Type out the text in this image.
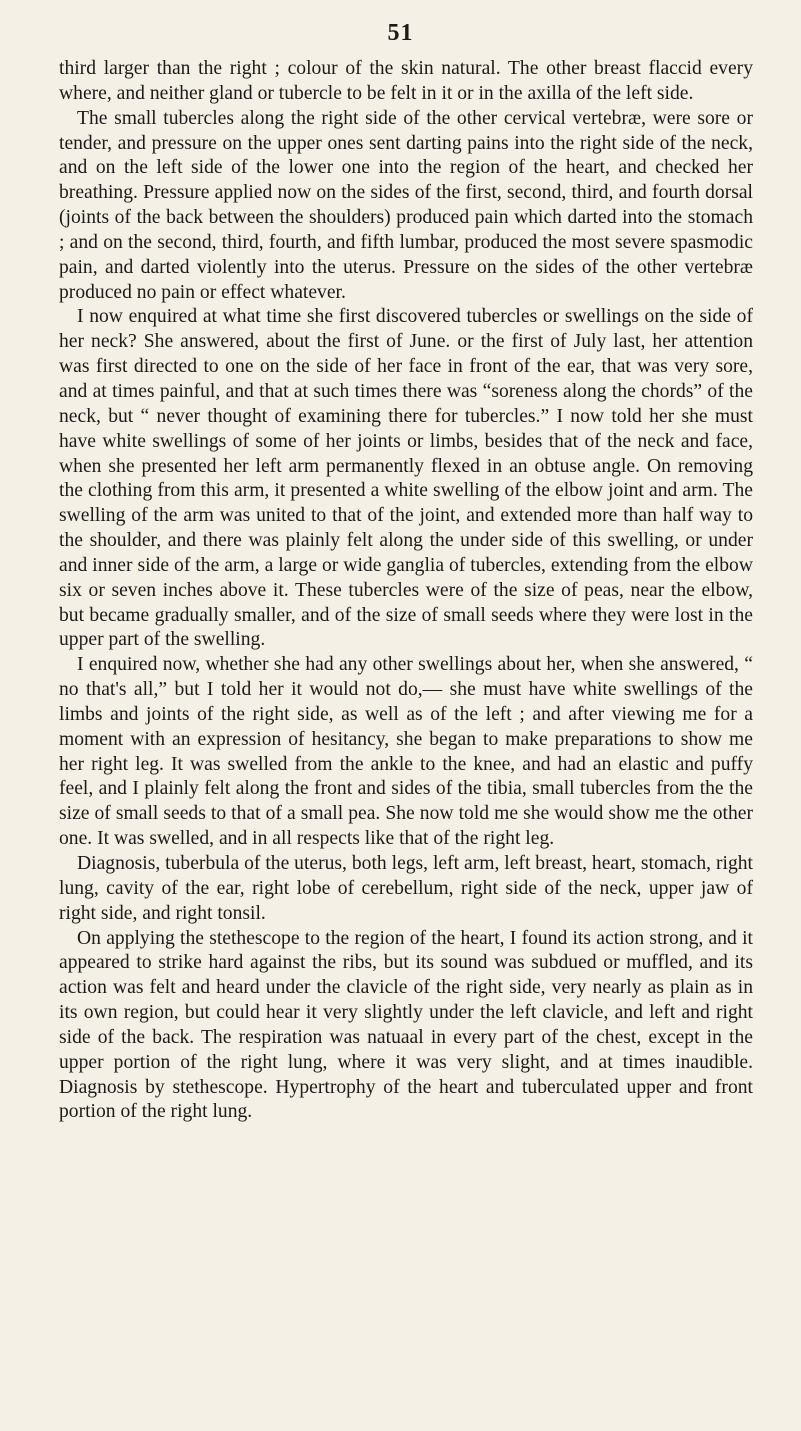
51

third larger than the right ; colour of the skin natural. The other breast flaccid every where, and neither gland or tubercle to be felt in it or in the axilla of the left side.

The small tubercles along the right side of the other cervical vertebræ, were sore or tender, and pressure on the upper ones sent darting pains into the right side of the neck, and on the left side of the lower one into the region of the heart, and checked her breathing. Pressure applied now on the sides of the first, second, third, and fourth dorsal (joints of the back between the shoulders) produced pain which darted into the stomach ; and on the second, third, fourth, and fifth lumbar, produced the most severe spasmodic pain, and darted violently into the uterus. Pressure on the sides of the other vertebræ produced no pain or effect whatever.

I now enquired at what time she first discovered tubercles or swellings on the side of her neck? She answered, about the first of June. or the first of July last, her attention was first directed to one on the side of her face in front of the ear, that was very sore, and at times painful, and that at such times there was “soreness along the chords” of the neck, but “ never thought of examining there for tubercles.” I now told her she must have white swellings of some of her joints or limbs, besides that of the neck and face, when she presented her left arm permanently flexed in an obtuse angle. On removing the clothing from this arm, it presented a white swelling of the elbow joint and arm. The swelling of the arm was united to that of the joint, and extended more than half way to the shoulder, and there was plainly felt along the under side of this swelling, or under and inner side of the arm, a large or wide ganglia of tubercles, extending from the elbow six or seven inches above it. These tubercles were of the size of peas, near the elbow, but became gradually smaller, and of the size of small seeds where they were lost in the upper part of the swelling.

I enquired now, whether she had any other swellings about her, when she answered, “ no that's all,” but I told her it would not do,— she must have white swellings of the limbs and joints of the right side, as well as of the left ; and after viewing me for a moment with an expression of hesitancy, she began to make preparations to show me her right leg. It was swelled from the ankle to the knee, and had an elastic and puffy feel, and I plainly felt along the front and sides of the tibia, small tubercles from the the size of small seeds to that of a small pea. She now told me she would show me the other one. It was swelled, and in all respects like that of the right leg.

Diagnosis, tuberbula of the uterus, both legs, left arm, left breast, heart, stomach, right lung, cavity of the ear, right lobe of cerebellum, right side of the neck, upper jaw of right side, and right tonsil.

On applying the stethescope to the region of the heart, I found its action strong, and it appeared to strike hard against the ribs, but its sound was subdued or muffled, and its action was felt and heard under the clavicle of the right side, very nearly as plain as in its own region, but could hear it very slightly under the left clavicle, and left and right side of the back. The respiration was natuaal in every part of the chest, except in the upper portion of the right lung, where it was very slight, and at times inaudible. Diagnosis by stethescope. Hypertrophy of the heart and tuberculated upper and front portion of the right lung.
